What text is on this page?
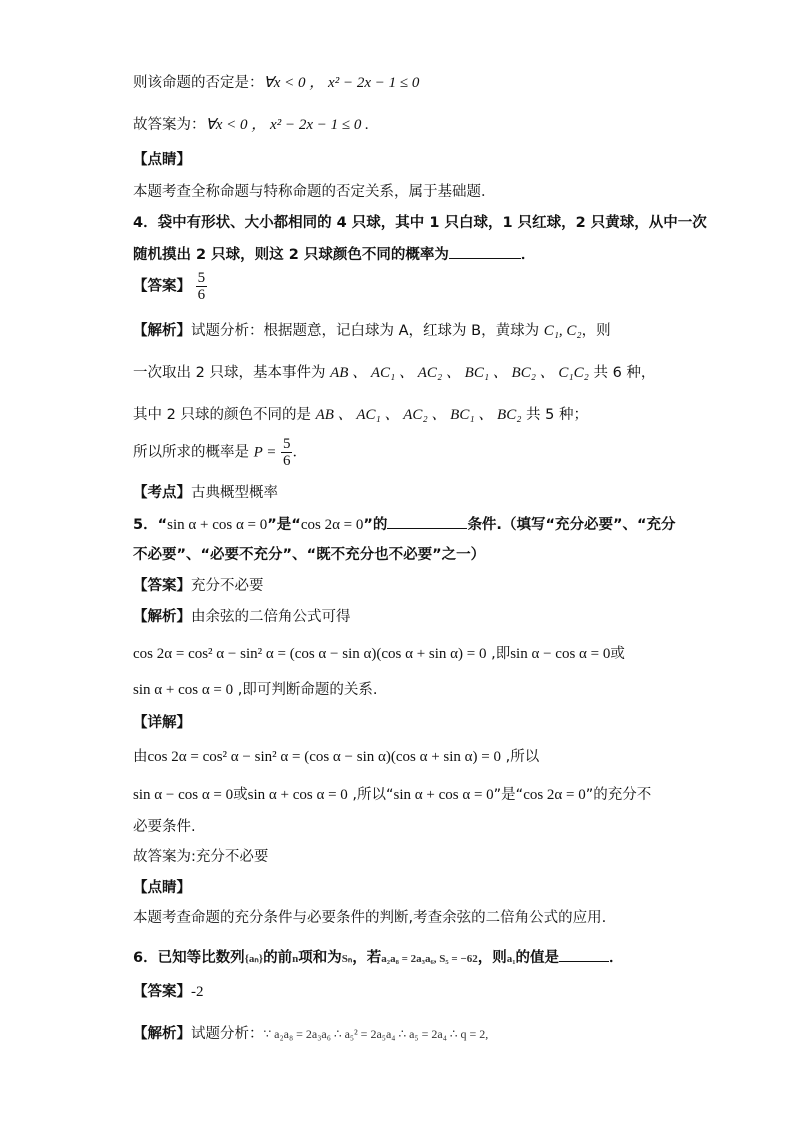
则该命题的否定是：∀x < 0 ， x² − 2x − 1 ≤ 0
故答案为：∀x < 0 ， x² − 2x − 1 ≤ 0 .
【点睛】
本题考查全称命题与特称命题的否定关系，属于基础题．
4．袋中有形状、大小都相同的 4 只球，其中 1 只白球，1 只红球，2 只黄球，从中一次
随机摸出 2 只球，则这 2 只球颜色不同的概率为	．
【答案】 $\frac{5}{6}$
【解析】试题分析：根据题意，记白球为 A，红球为 B，黄球为 C₁, C₂，则
一次取出 2 只球，基本事件为 AB 、 AC₁ 、 AC₂ 、 BC₁ 、 BC₂ 、 C₁C₂ 共 6 种，
其中 2 只球的颜色不同的是 AB 、 AC₁ 、 AC₂ 、 BC₁ 、 BC₂ 共 5 种；
所以所求的概率是 $P = \frac{5}{6}$ ．
【考点】古典概型概率
5．“sin α + cos α = 0”是“cos 2α = 0”的	条件.（填写“充分必要”、“充分
不必要”、“必要不充分”、“既不充分也不必要”之一）
【答案】充分不必要
【解析】由余弦的二倍角公式可得
cos 2α = cos² α − sin² α = (cos α − sin α)(cos α + sin α) = 0 ,即sin α − cos α = 0或
sin α + cos α = 0 ,即可判断命题的关系.
【详解】
由cos 2α = cos² α − sin² α = (cos α − sin α)(cos α + sin α) = 0 ,所以
sin α − cos α = 0或sin α + cos α = 0 ,所以“sin α + cos α = 0”是“cos 2α = 0”的充分不
必要条件.
故答案为:充分不必要
【点睛】
本题考查命题的充分条件与必要条件的判断,考查余弦的二倍角公式的应用.
6．已知等比数列{aₙ}的前n项和为Sₙ，若a₂a₈ = 2a₃a₆, S₅ = −62，则a₁的值是	．
【答案】-2
【解析】试题分析：∵ a₂a₈ = 2a₃a₆ ∴ a₅² = 2a₅a₄ ∴ a₅ = 2a₄ ∴ q = 2,
